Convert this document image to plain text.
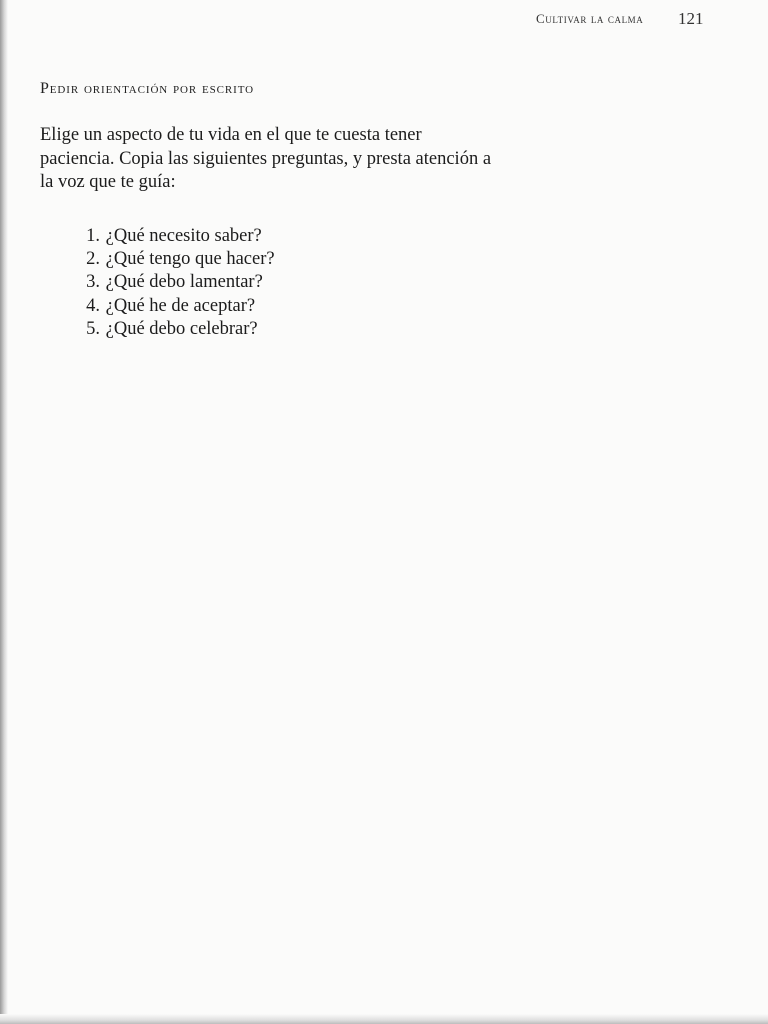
Cultivar la calma 121
Pedir orientación por escrito

Elige un aspecto de tu vida en el que te cuesta tener paciencia. Copia las siguientes preguntas, y presta atención a la voz que te guía:

1. ¿Qué necesito saber?
2. ¿Qué tengo que hacer?
3. ¿Qué debo lamentar?
4. ¿Qué he de aceptar?
5. ¿Qué debo celebrar?
